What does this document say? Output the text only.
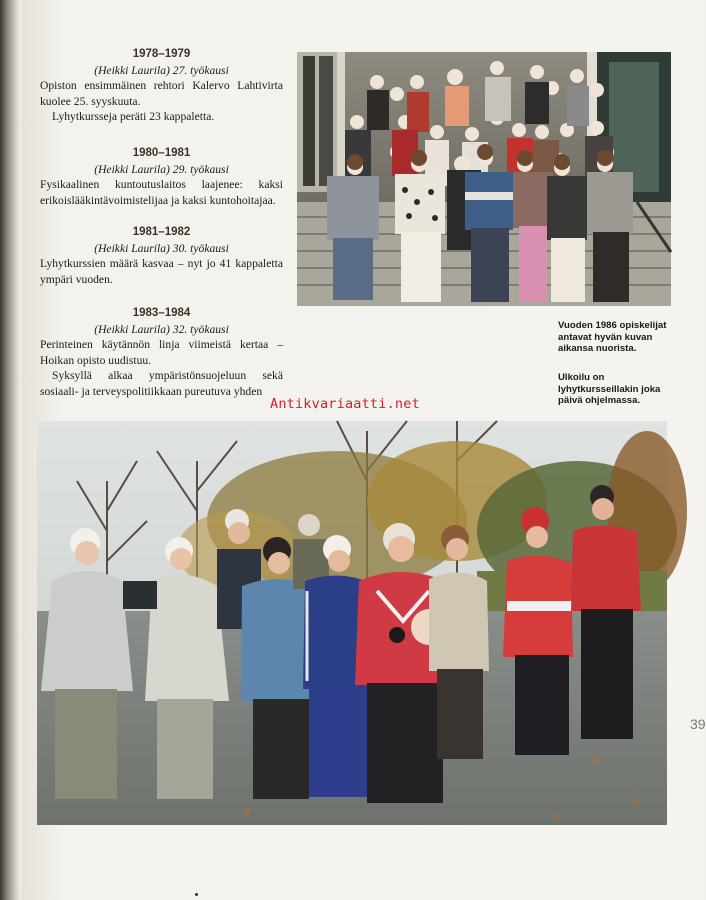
1978–1979
(Heikki Laurila) 27. työkausi

Opiston ensimmäinen rehtori Kalervo Lahtivirta kuolee 25. syyskuuta.

Lyhytkursseja peräti 23 kappaletta.

1980–1981
(Heikki Laurila) 29. työkausi

Fysikaalinen kuntoutuslaitos laajenee: kaksi erikoislääkintävoimistelijaa ja kaksi kuntohoitajaa.

1981–1982
(Heikki Laurila) 30. työkausi

Lyhytkurssien määrä kasvaa – nyt jo 41 kappaletta ympäri vuoden.

1983–1984
(Heikki Laurila) 32. työkausi

Perinteinen käytännön linja viimeistä kertaa – Hoikan opisto uudistuu.

Syksyllä alkaa ympäristönsuojeluun sekä sosiaali- ja terveyspolitiikkaan pureutuva yhden

Vuoden 1986 opiskelijat antavat hyvän kuvan aikansa nuorista.
Ulkoilu on lyhytkursseillakin joka päivä ohjelmassa.
Antikvariaatti.net
39
